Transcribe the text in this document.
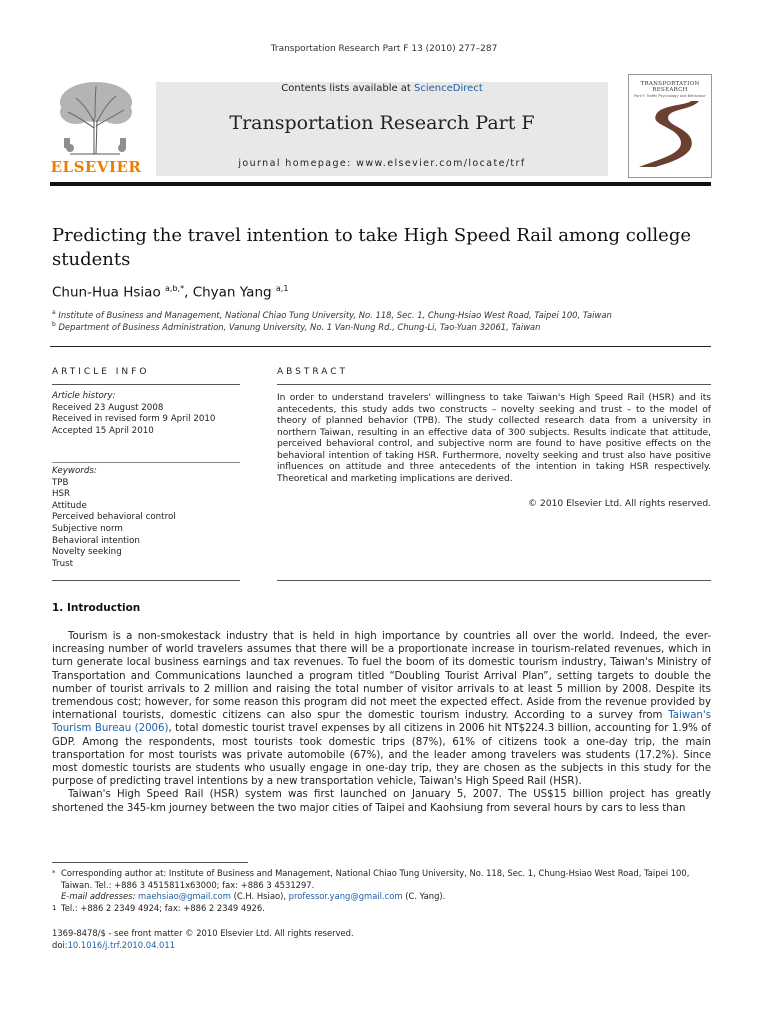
Transportation Research Part F 13 (2010) 277–287
ELSEVIER
Contents lists available at ScienceDirect
Transportation Research Part F
journal homepage: www.elsevier.com/locate/trf
TRANSPORTATION RESEARCH
Part F: Traffic Psychology and Behaviour
Predicting the travel intention to take High Speed Rail among college students
Chun-Hua Hsiao $^{a,b,*}$, Chyan Yang $^{a,1}$
$^a$ Institute of Business and Management, National Chiao Tung University, No. 118, Sec. 1, Chung-Hsiao West Road, Taipei 100, Taiwan
$^b$ Department of Business Administration, Vanung University, No. 1 Van-Nung Rd., Chung-Li, Tao-Yuan 32061, Taiwan
ARTICLE INFO
Article history:
Received 23 August 2008
Received in revised form 9 April 2010
Accepted 15 April 2010
Keywords:
TPB
HSR
Attitude
Perceived behavioral control
Subjective norm
Behavioral intention
Novelty seeking
Trust
ABSTRACT
In order to understand travelers' willingness to take Taiwan's High Speed Rail (HSR) and its antecedents, this study adds two constructs – novelty seeking and trust – to the model of theory of planned behavior (TPB). The study collected research data from a university in northern Taiwan, resulting in an effective data of 300 subjects. Results indicate that attitude, perceived behavioral control, and subjective norm are found to have positive effects on the behavioral intention of taking HSR. Furthermore, novelty seeking and trust also have positive influences on attitude and three antecedents of the intention in taking HSR respectively. Theoretical and marketing implications are derived.
© 2010 Elsevier Ltd. All rights reserved.
1. Introduction

Tourism is a non-smokestack industry that is held in high importance by countries all over the world. Indeed, the ever-increasing number of world travelers assumes that there will be a proportionate increase in tourism-related revenues, which in turn generate local business earnings and tax revenues. To fuel the boom of its domestic tourism industry, Taiwan's Ministry of Transportation and Communications launched a program titled “Doubling Tourist Arrival Plan”, setting targets to double the number of tourist arrivals to 2 million and raising the total number of visitor arrivals to at least 5 million by 2008. Despite its tremendous cost; however, for some reason this program did not meet the expected effect. Aside from the revenue provided by international tourists, domestic citizens can also spur the domestic tourism industry. According to a survey from Taiwan's Tourism Bureau (2006), total domestic tourist travel expenses by all citizens in 2006 hit NT$224.3 billion, accounting for 1.9% of GDP. Among the respondents, most tourists took domestic trips (87%), 61% of citizens took a one-day trip, the main transportation for most tourists was private automobile (67%), and the leader among travelers was students (17.2%). Since most domestic tourists are students who usually engage in one-day trip, they are chosen as the subjects in this study for the purpose of predicting travel intentions by a new transportation vehicle, Taiwan's High Speed Rail (HSR).

Taiwan's High Speed Rail (HSR) system was first launched on January 5, 2007. The US$15 billion project has greatly shortened the 345-km journey between the two major cities of Taipei and Kaohsiung from several hours by cars to less than

* Corresponding author at: Institute of Business and Management, National Chiao Tung University, No. 118, Sec. 1, Chung-Hsiao West Road, Taipei 100, Taiwan. Tel.: +886 3 4515811x63000; fax: +886 3 4531297.
E-mail addresses: maehsiao@gmail.com (C.H. Hsiao), professor.yang@gmail.com (C. Yang).
1 Tel.: +886 2 2349 4924; fax: +886 2 2349 4926.
1369-8478/$ - see front matter © 2010 Elsevier Ltd. All rights reserved.
doi:10.1016/j.trf.2010.04.011
